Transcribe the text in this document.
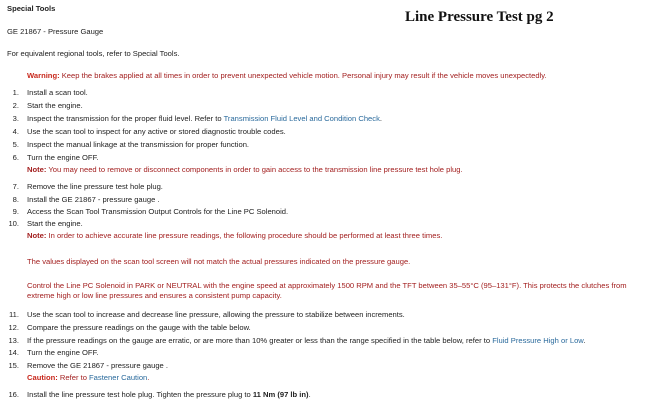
Special Tools
Line Pressure Test pg 2
GE 21867 - Pressure Gauge
For equivalent regional tools, refer to Special Tools.
Warning: Keep the brakes applied at all times in order to prevent unexpected vehicle motion. Personal injury may result if the vehicle moves unexpectedly.
1. Install a scan tool.
2. Start the engine.
3. Inspect the transmission for the proper fluid level. Refer to Transmission Fluid Level and Condition Check.
4. Use the scan tool to inspect for any active or stored diagnostic trouble codes.
5. Inspect the manual linkage at the transmission for proper function.
6. Turn the engine OFF.
Note: You may need to remove or disconnect components in order to gain access to the transmission line pressure test hole plug.
7. Remove the line pressure test hole plug.
8. Install the GE 21867 - pressure gauge .
9. Access the Scan Tool Transmission Output Controls for the Line PC Solenoid.
10. Start the engine.
Note: In order to achieve accurate line pressure readings, the following procedure should be performed at least three times.
The values displayed on the scan tool screen will not match the actual pressures indicated on the pressure gauge.
Control the Line PC Solenoid in PARK or NEUTRAL with the engine speed at approximately 1500 RPM and the TFT between 35–55°C (95–131°F). This protects the clutches from extreme high or low line pressures and ensures a consistent pump capacity.
11. Use the scan tool to increase and decrease line pressure, allowing the pressure to stabilize between increments.
12. Compare the pressure readings on the gauge with the table below.
13. If the pressure readings on the gauge are erratic, or are more than 10% greater or less than the range specified in the table below, refer to Fluid Pressure High or Low.
14. Turn the engine OFF.
15. Remove the GE 21867 - pressure gauge .
Caution: Refer to Fastener Caution.
16. Install the line pressure test hole plug. Tighten the pressure plug to 11 Nm (97 lb in).
